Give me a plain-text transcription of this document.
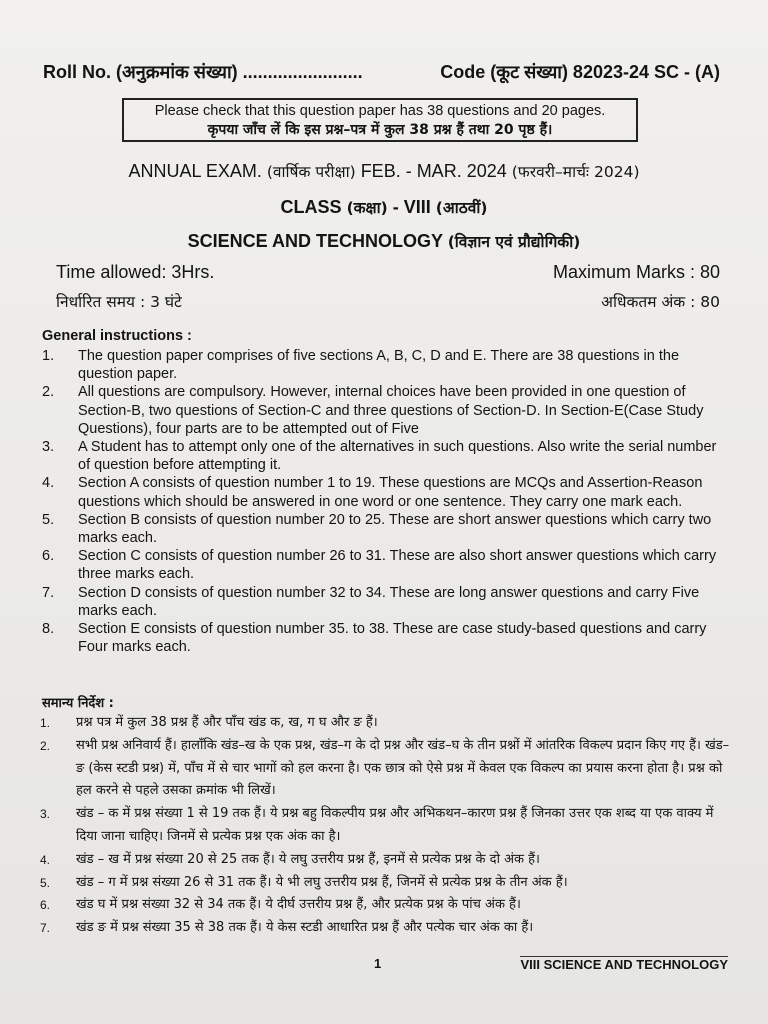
Roll No. (अनुक्रमांक संख्या) ........................	Code (कूट संख्या) 82023-24 SC - (A)
Please check that this question paper has 38 questions and 20 pages.
कृपया जाँच लें कि इस प्रश्न–पत्र में कुल 38 प्रश्न हैं तथा 20 पृष्ठ हैं।
ANNUAL EXAM. (वार्षिक परीक्षा) FEB. - MAR. 2024 (फरवरी–मार्चः 2024)
CLASS (कक्षा) - VIII (आठवीं)
SCIENCE AND TECHNOLOGY (विज्ञान एवं प्रौद्योगिकी)
Time allowed: 3Hrs.	Maximum Marks : 80
निर्धारित समय : 3 घंटे	अधिकतम अंक : 80
General instructions :
1.	The question paper comprises of five sections A, B, C, D and E. There are 38 questions in the question paper.
2.	All questions are compulsory. However, internal choices have been provided in one question of Section-B, two questions of Section-C and three questions of Section-D. In Section-E(Case Study Questions), four parts are to be attempted out of Five
3.	A Student has to attempt only one of the alternatives in such questions. Also write the serial number of question before attempting it.
4.	Section A consists of question number 1 to 19. These questions are MCQs and Assertion-Reason questions which should be answered in one word or one sentence. They carry one mark each.
5.	Section B consists of question number 20 to 25. These are short answer questions which carry two marks each.
6.	Section C consists of question number 26 to 31. These are also short answer questions which carry three marks each.
7.	Section D consists of question number 32 to 34. These are long answer questions and carry Five marks each.
8.	Section E consists of question number 35. to 38. These are case study-based questions and carry Four marks each.
समान्य निर्देश :
1.	प्रश्न पत्र में कुल 38 प्रश्न हैं और पाँच खंड क, ख, ग घ और ङ हैं।
2.	सभी प्रश्न अनिवार्य हैं। हालाँकि खंड–ख के एक प्रश्न, खंड–ग के दो प्रश्न और खंड–घ के तीन प्रश्नों में आंतरिक विकल्प प्रदान किए गए हैं। खंड–ङ (केस स्टडी प्रश्न) में, पाँच में से चार भागों को हल करना है। एक छात्र को ऐसे प्रश्न में केवल एक विकल्प का प्रयास करना होता है। प्रश्न को हल करने से पहले उसका क्रमांक भी लिखें।
3.	खंड – क में प्रश्न संख्या 1 से 19 तक हैं। ये प्रश्न बहु विकल्पीय प्रश्न और अभिकथन–कारण प्रश्न हैं जिनका उत्तर एक शब्द या एक वाक्य में दिया जाना चाहिए। जिनमें से प्रत्येक प्रश्न एक अंक का है।
4.	खंड – ख में प्रश्न संख्या 20 से 25 तक हैं। ये लघु उत्तरीय प्रश्न हैं, इनमें से प्रत्येक प्रश्न के दो अंक हैं।
5.	खंड – ग में प्रश्न संख्या 26 से 31 तक हैं। ये भी लघु उत्तरीय प्रश्न हैं, जिनमें से प्रत्येक प्रश्न के तीन अंक हैं।
6.	खंड घ में प्रश्न संख्या 32 से 34 तक हैं। ये दीर्घ उत्तरीय प्रश्न हैं, और प्रत्येक प्रश्न के पांच अंक हैं।
7.	खंड ङ में प्रश्न संख्या 35 से 38 तक हैं। ये केस स्टडी आधारित प्रश्न हैं और पत्येक चार अंक का हैं।
1	VIII SCIENCE AND TECHNOLOGY
